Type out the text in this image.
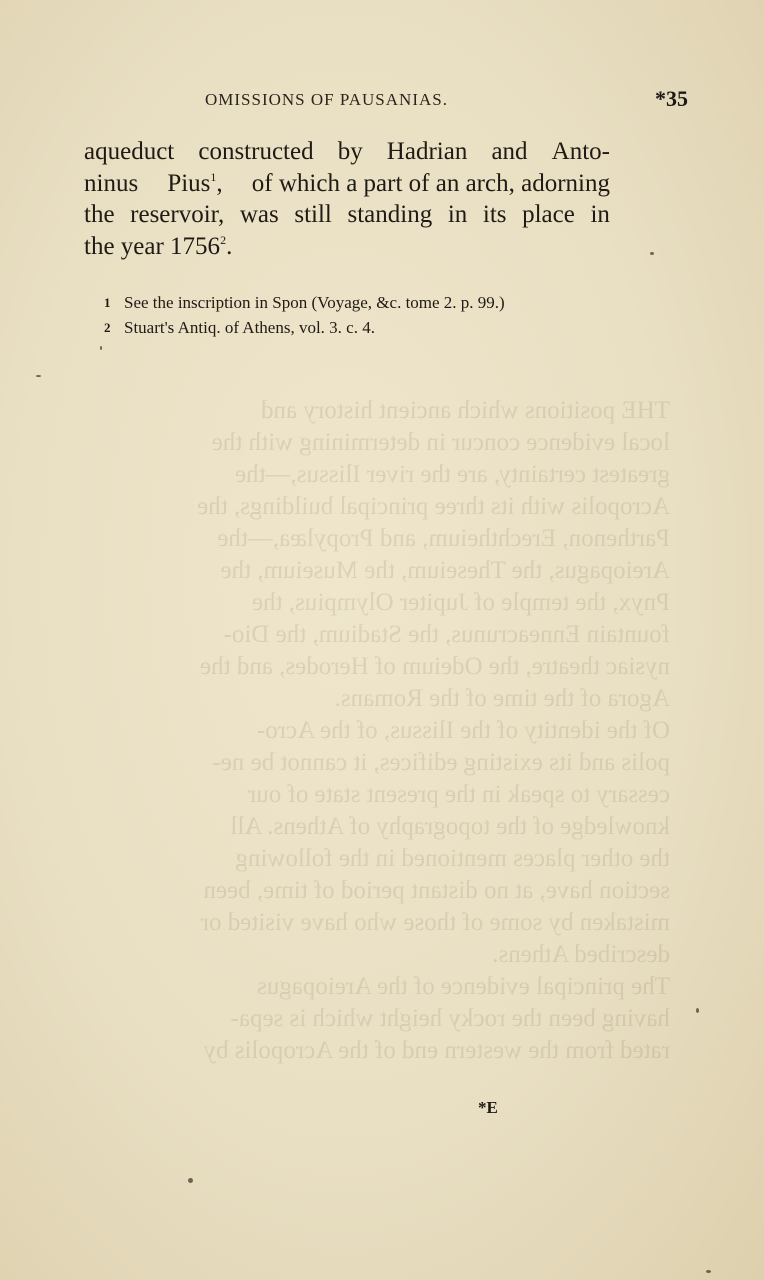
THE positions which ancient history and
local evidence concur in determining with the
greatest certainty, are the river Ilissus,—the
Acropolis with its three principal buildings, the
Parthenon, Erechtheium, and Propylæa,—the
Areiopagus, the Theseium, the Museium, the
Pnyx, the temple of Jupiter Olympius, the
fountain Enneacrunus, the Stadium, the Dio-
nysiac theatre, the Odeium of Herodes, and the
Agora of the time of the Romans.
Of the identity of the Ilissus, of the Acro-
polis and its existing edifices, it cannot be ne-
cessary to speak in the present state of our
knowledge of the topography of Athens. All
the other places mentioned in the following
section have, at no distant period of time, been
mistaken by some of those who have visited or
described Athens.
The principal evidence of the Areiopagus
having been the rocky height which is sepa-
rated from the western end of the Acropolis by
OMISSIONS OF PAUSANIAS.	*35
aqueduct constructed by Hadrian and Anto-
ninus Pius$^1$, of which a part of an arch, adorning
the reservoir, was still standing in its place in
the year 1756$^2$.
1 See the inscription in Spon (Voyage, &c. tome 2. p. 99.)
2 Stuart's Antiq. of Athens, vol. 3. c. 4.
*E
